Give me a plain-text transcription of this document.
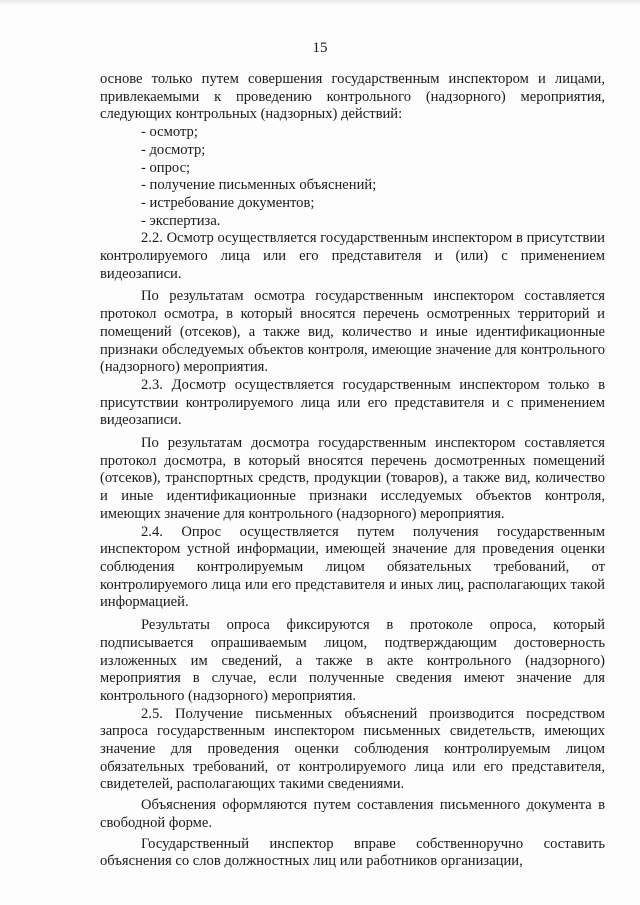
15

основе только путем совершения государственным инспектором и лицами, привлекаемыми к проведению контрольного (надзорного) мероприятия, следующих контрольных (надзорных) действий:

- осмотр;
- досмотр;
- опрос;
- получение письменных объяснений;
- истребование документов;
- экспертиза.

2.2. Осмотр осуществляется государственным инспектором в присутствии контролируемого лица или его представителя и (или) с применением видеозаписи.

По результатам осмотра государственным инспектором составляется протокол осмотра, в который вносятся перечень осмотренных территорий и помещений (отсеков), а также вид, количество и иные идентификационные признаки обследуемых объектов контроля, имеющие значение для контрольного (надзорного) мероприятия.

2.3. Досмотр осуществляется государственным инспектором только в присутствии контролируемого лица или его представителя и с применением видеозаписи.

По результатам досмотра государственным инспектором составляется протокол досмотра, в который вносятся перечень досмотренных помещений (отсеков), транспортных средств, продукции (товаров), а также вид, количество и иные идентификационные признаки исследуемых объектов контроля, имеющих значение для контрольного (надзорного) мероприятия.

2.4. Опрос осуществляется путем получения государственным инспектором устной информации, имеющей значение для проведения оценки соблюдения контролируемым лицом обязательных требований, от контролируемого лица или его представителя и иных лиц, располагающих такой информацией.

Результаты опроса фиксируются в протоколе опроса, который подписывается опрашиваемым лицом, подтверждающим достоверность изложенных им сведений, а также в акте контрольного (надзорного) мероприятия в случае, если полученные сведения имеют значение для контрольного (надзорного) мероприятия.

2.5. Получение письменных объяснений производится посредством запроса государственным инспектором письменных свидетельств, имеющих значение для проведения оценки соблюдения контролируемым лицом обязательных требований, от контролируемого лица или его представителя, свидетелей, располагающих такими сведениями.

Объяснения оформляются путем составления письменного документа в свободной форме.

Государственный инспектор вправе собственноручно составить объяснения со слов должностных лиц или работников организации,
